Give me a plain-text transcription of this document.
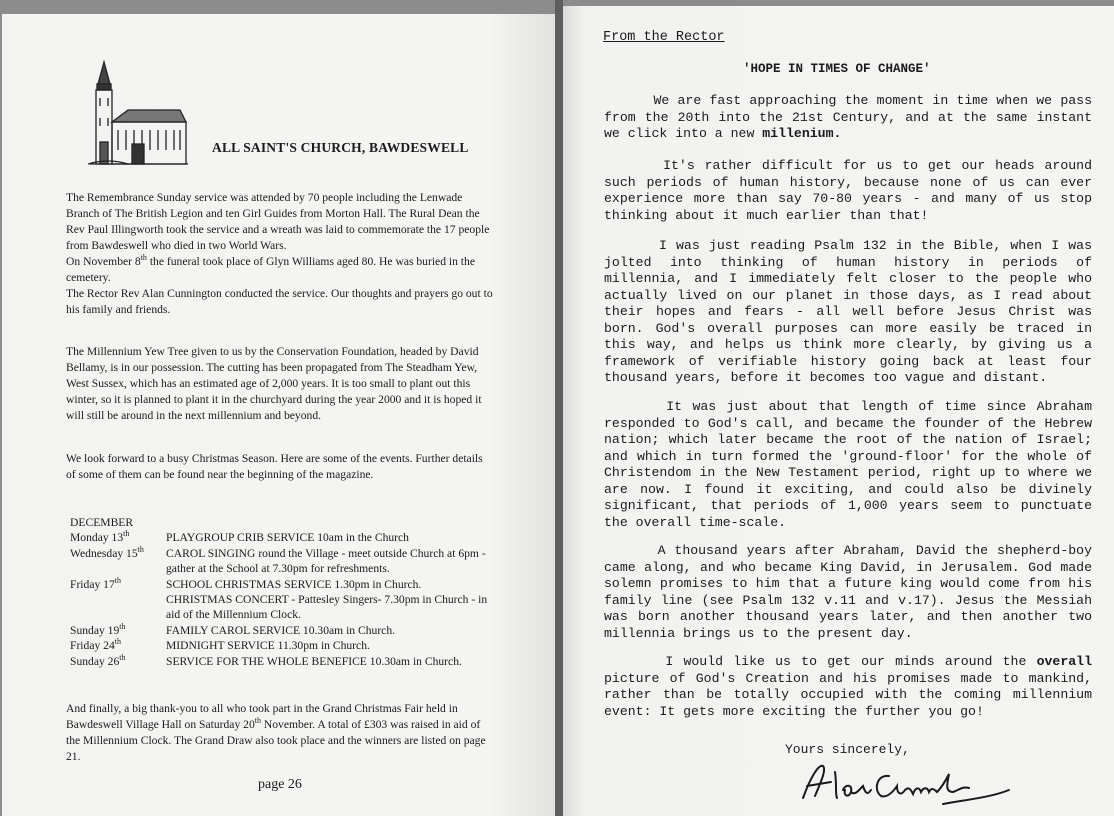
ALL SAINT'S CHURCH, BAWDESWELL

The Remembrance Sunday service was attended by 70 people including the Lenwade Branch of The British Legion and ten Girl Guides from Morton Hall. The Rural Dean the Rev Paul Illingworth took the service and a wreath was laid to commemorate the 17 people from Bawdeswell who died in two World Wars.
On November 8th the funeral took place of Glyn Williams aged 80. He was buried in the cemetery.
The Rector Rev Alan Cunnington conducted the service. Our thoughts and prayers go out to his family and friends.

The Millennium Yew Tree given to us by the Conservation Foundation, headed by David Bellamy, is in our possession. The cutting has been propagated from The Steadham Yew, West Sussex, which has an estimated age of 2,000 years. It is too small to plant out this winter, so it is planned to plant it in the churchyard during the year 2000 and it is hoped it will still be around in the next millennium and beyond.

We look forward to a busy Christmas Season. Here are some of the events. Further details of some of them can be found near the beginning of the magazine.

DECEMBER

Monday 13th	PLAYGROUP CRIB SERVICE 10am in the Church
Wednesday 15th	CAROL SINGING round the Village - meet outside Church at 6pm - gather at the School at 7.30pm for refreshments.
Friday 17th	SCHOOL CHRISTMAS SERVICE 1.30pm in Church.
CHRISTMAS CONCERT - Pattesley Singers- 7.30pm in Church - in aid of the Millennium Clock.
Sunday 19th	FAMILY CAROL SERVICE 10.30am in Church.
Friday 24th	MIDNIGHT SERVICE 11.30pm in Church.
Sunday 26th	SERVICE FOR THE WHOLE BENEFICE 10.30am in Church.

And finally, a big thank-you to all who took part in the Grand Christmas Fair held in Bawdeswell Village Hall on Saturday 20th November. A total of £303 was raised in aid of the Millennium Clock. The Grand Draw also took place and the winners are listed on page 21.

page 26
From the Rector
'HOPE IN TIMES OF CHANGE'

We are fast approaching the moment in time when we pass from the 20th into the 21st Century, and at the same instant we click into a new millenium.

It's rather difficult for us to get our heads around such periods of human history, because none of us can ever experience more than say 70-80 years - and many of us stop thinking about it much earlier than that!

I was just reading Psalm 132 in the Bible, when I was jolted into thinking of human history in periods of millennia, and I immediately felt closer to the people who actually lived on our planet in those days, as I read about their hopes and fears - all well before Jesus Christ was born. God's overall purposes can more easily be traced in this way, and helps us think more clearly, by giving us a framework of verifiable history going back at least four thousand years, before it becomes too vague and distant.

It was just about that length of time since Abraham responded to God's call, and became the founder of the Hebrew nation; which later became the root of the nation of Israel; and which in turn formed the 'ground-floor' for the whole of Christendom in the New Testament period, right up to where we are now. I found it exciting, and could also be divinely significant, that periods of 1,000 years seem to punctuate the overall time-scale.

A thousand years after Abraham, David the shepherd-boy came along, and who became King David, in Jerusalem. God made solemn promises to him that a future king would come from his family line (see Psalm 132 v.11 and v.17). Jesus the Messiah was born another thousand years later, and then another two millennia brings us to the present day.

I would like us to get our minds around the overall picture of God's Creation and his promises made to mankind, rather than be totally occupied with the coming millennium event: It gets more exciting the further you go!

Yours sincerely,
